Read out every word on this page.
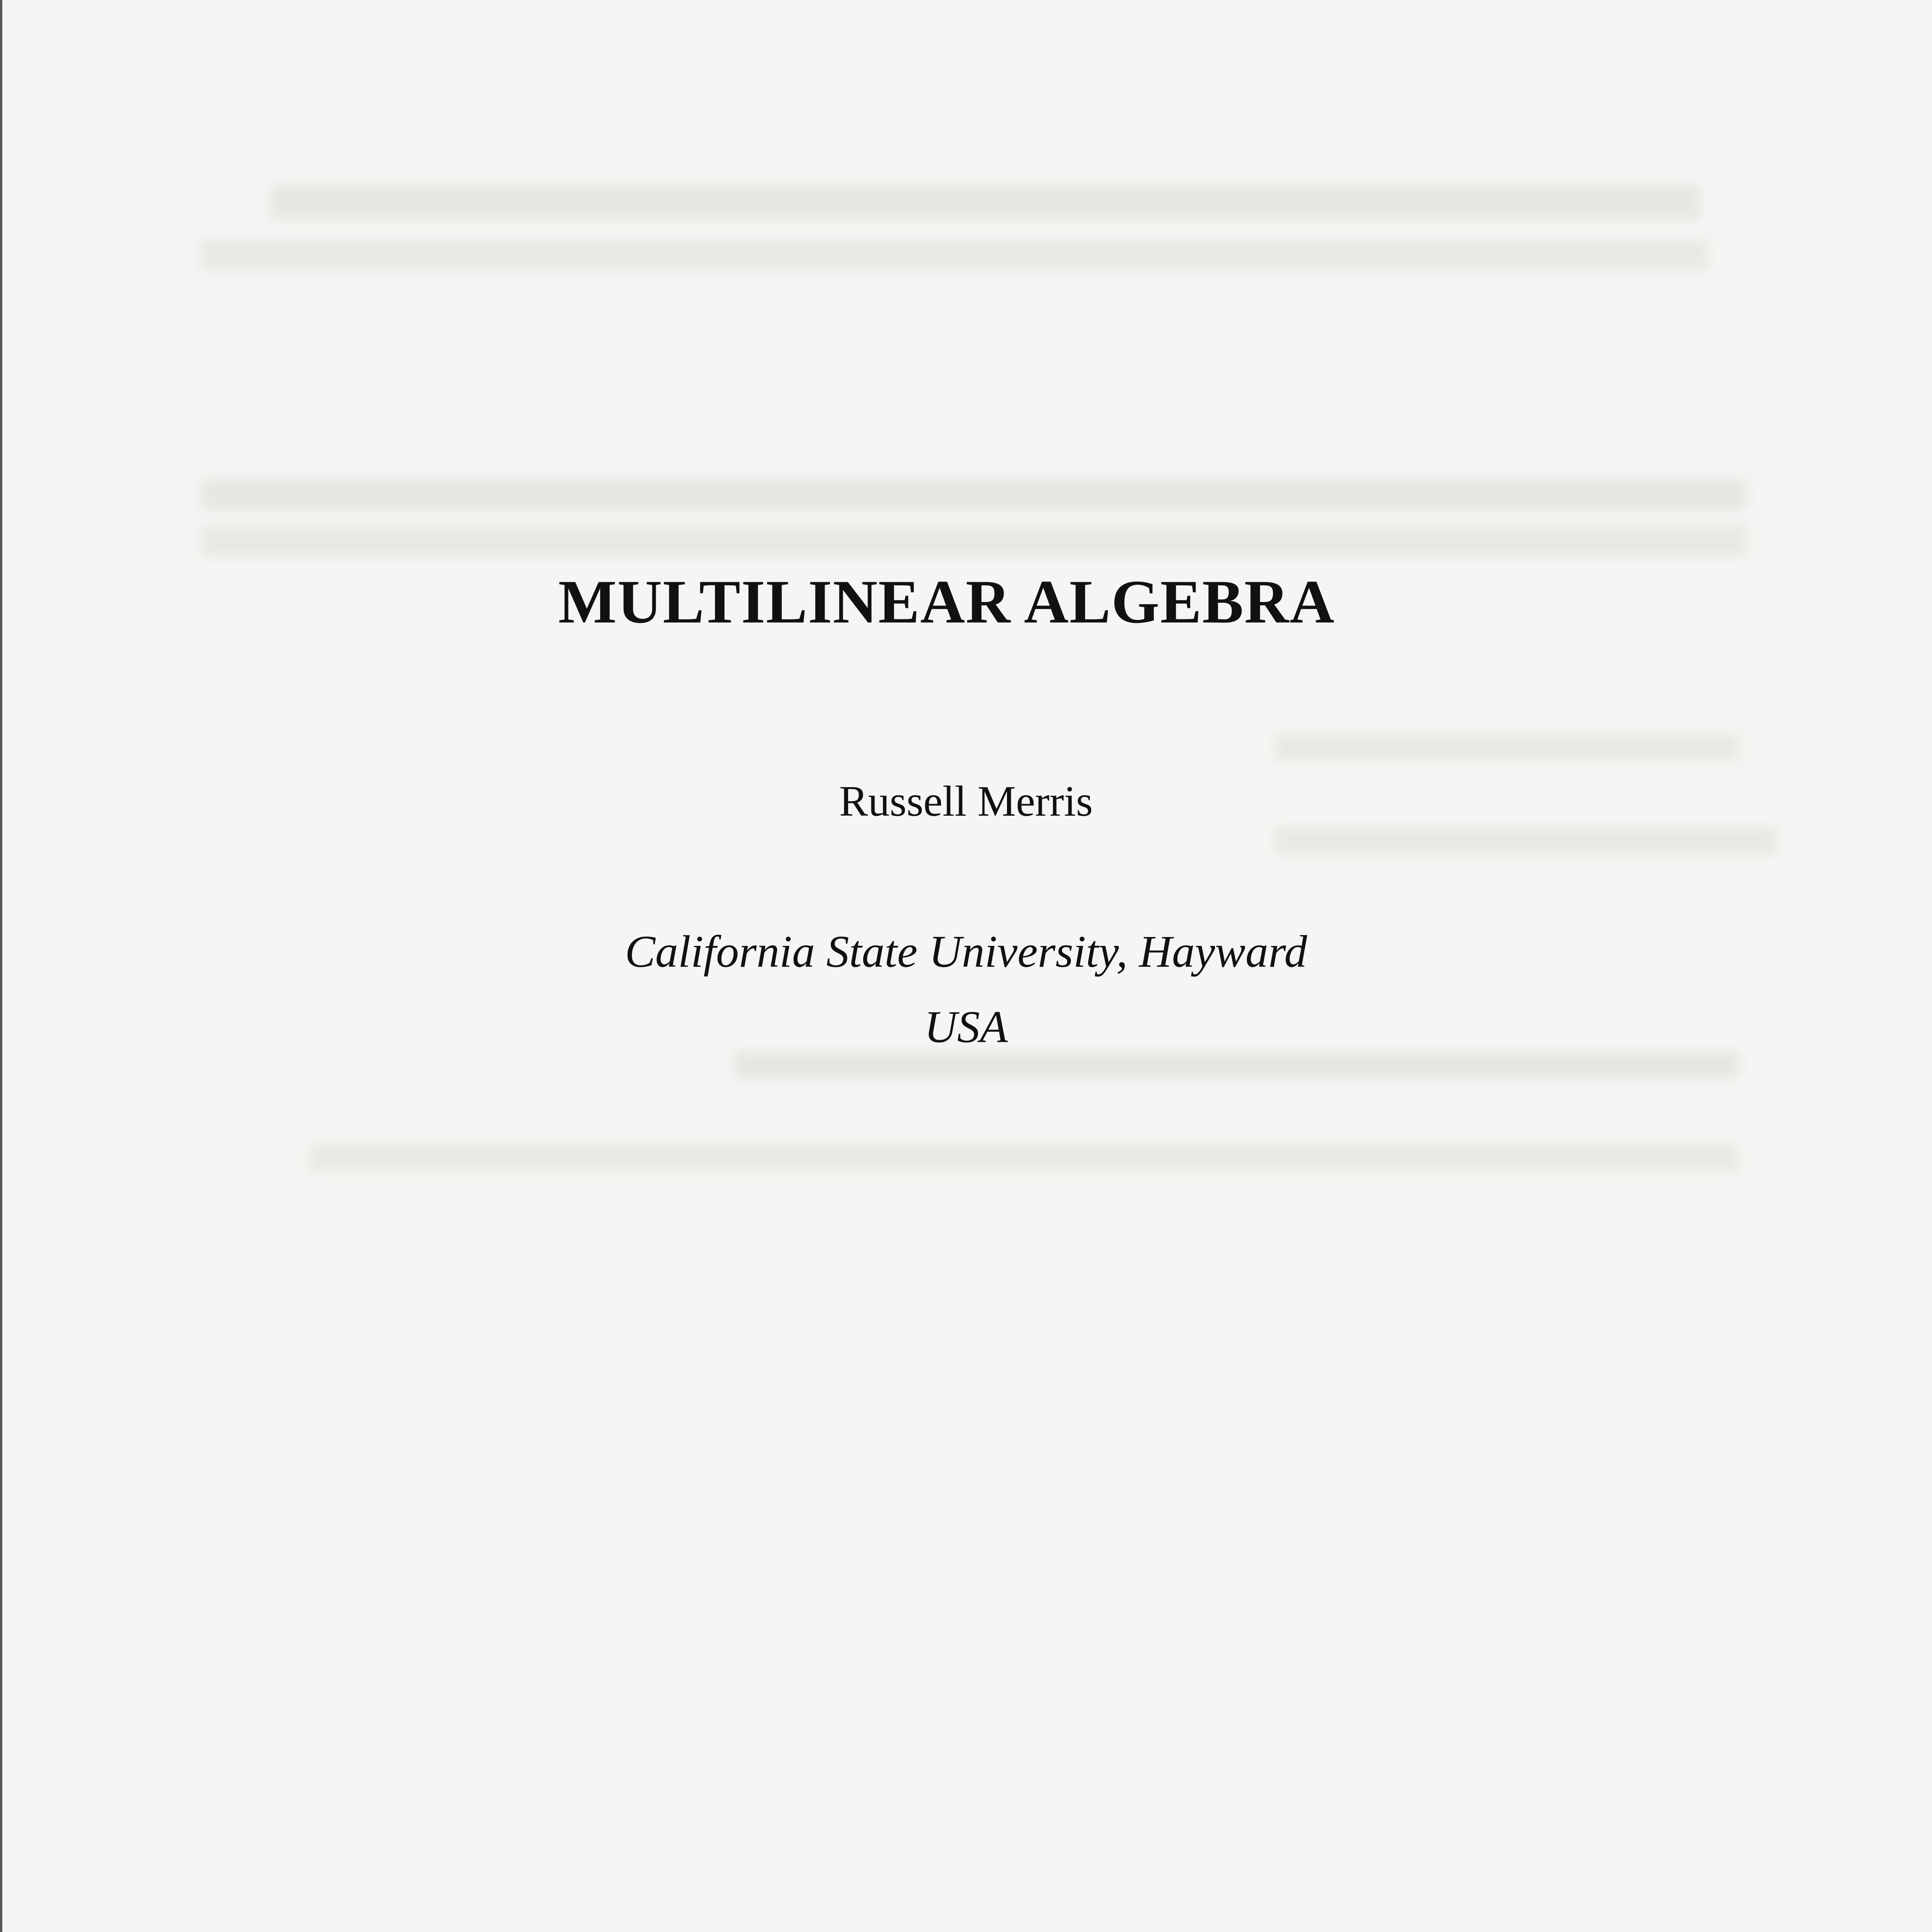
MULTILINEAR ALGEBRA

Russell Merris

California State University, Hayward

USA
